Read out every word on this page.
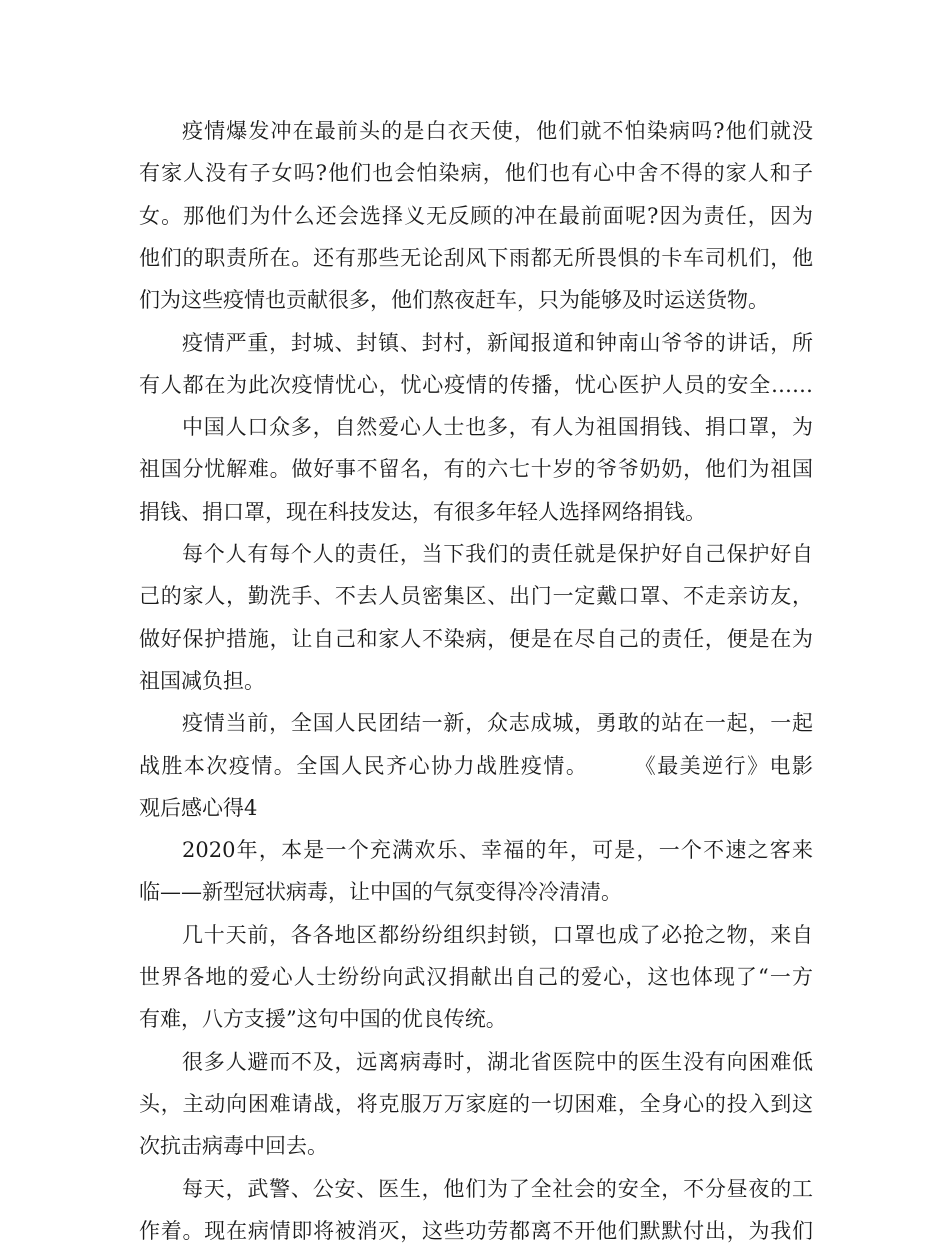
疫情爆发冲在最前头的是白衣天使，他们就不怕染病吗?他们就没
有家人没有子女吗?他们也会怕染病，他们也有心中舍不得的家人和子
女。那他们为什么还会选择义无反顾的冲在最前面呢?因为责任，因为
他们的职责所在。还有那些无论刮风下雨都无所畏惧的卡车司机们，他
们为这些疫情也贡献很多，他们熬夜赶车，只为能够及时运送货物。
疫情严重，封城、封镇、封村，新闻报道和钟南山爷爷的讲话，所
有人都在为此次疫情忧心，忧心疫情的传播，忧心医护人员的安全……
中国人口众多，自然爱心人士也多，有人为祖国捐钱、捐口罩，为
祖国分忧解难。做好事不留名，有的六七十岁的爷爷奶奶，他们为祖国
捐钱、捐口罩，现在科技发达，有很多年轻人选择网络捐钱。
每个人有每个人的责任，当下我们的责任就是保护好自己保护好自
己的家人，勤洗手、不去人员密集区、出门一定戴口罩、不走亲访友，
做好保护措施，让自己和家人不染病，便是在尽自己的责任，便是在为
祖国减负担。
疫情当前，全国人民团结一新，众志成城，勇敢的站在一起，一起
战胜本次疫情。全国人民齐心协力战胜疫情。　　　《最美逆行》电影
观后感心得4
2020年，本是一个充满欢乐、幸福的年，可是，一个不速之客来
临——新型冠状病毒，让中国的气氛变得冷冷清清。
几十天前，各各地区都纷纷组织封锁，口罩也成了必抢之物，来自
世界各地的爱心人士纷纷向武汉捐献出自己的爱心，这也体现了“一方
有难，八方支援”这句中国的优良传统。
很多人避而不及，远离病毒时，湖北省医院中的医生没有向困难低
头，主动向困难请战，将克服万万家庭的一切困难，全身心的投入到这
次抗击病毒中回去。
每天，武警、公安、医生，他们为了全社会的安全，不分昼夜的工
作着。现在病情即将被消灭，这些功劳都离不开他们默默付出，为我们
